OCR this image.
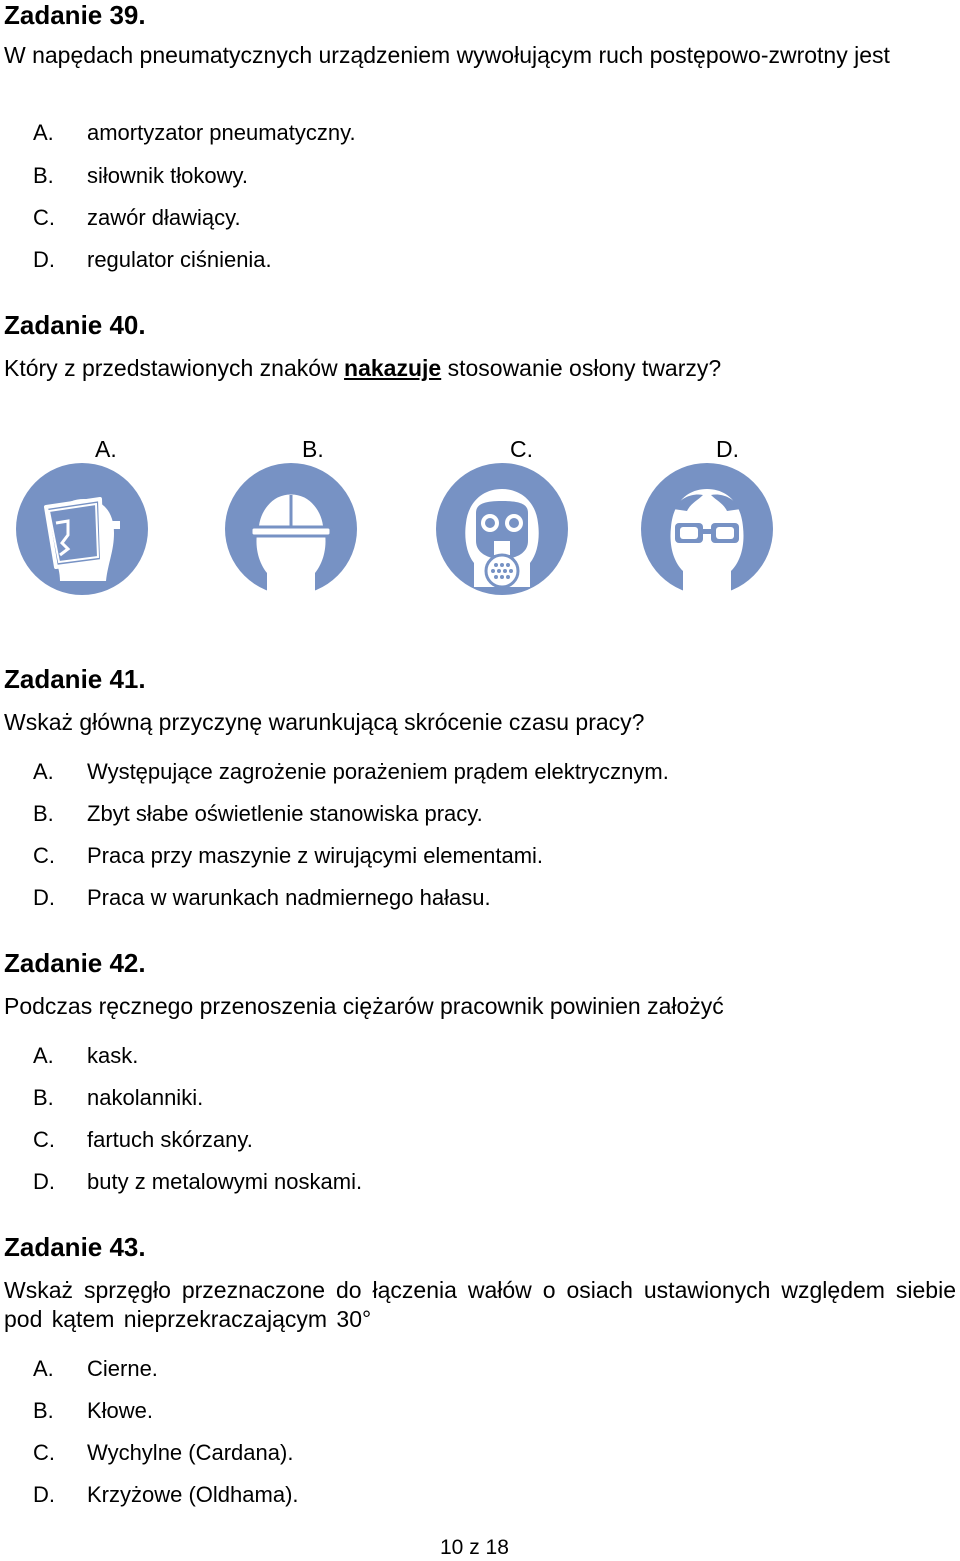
Zadanie 39.
W napędach pneumatycznych urządzeniem wywołującym ruch postępowo-zwrotny jest
A. amortyzator pneumatyczny.
B. siłownik tłokowy.
C. zawór dławiący.
D. regulator ciśnienia.
Zadanie 40.
Który z przedstawionych znaków nakazuje stosowanie osłony twarzy?
A.	B.	C.	D.
Zadanie 41.
Wskaż główną przyczynę warunkującą skrócenie czasu pracy?
A. Występujące zagrożenie porażeniem prądem elektrycznym.
B. Zbyt słabe oświetlenie stanowiska pracy.
C. Praca przy maszynie z wirującymi elementami.
D. Praca w warunkach nadmiernego hałasu.
Zadanie 42.
Podczas ręcznego przenoszenia ciężarów pracownik powinien założyć
A. kask.
B. nakolanniki.
C. fartuch skórzany.
D. buty z metalowymi noskami.
Zadanie 43.
Wskaż sprzęgło przeznaczone do łączenia wałów o osiach ustawionych względem siebie pod kątem nieprzekraczającym 30°
A. Cierne.
B. Kłowe.
C. Wychylne (Cardana).
D. Krzyżowe (Oldhama).
10 z 18
